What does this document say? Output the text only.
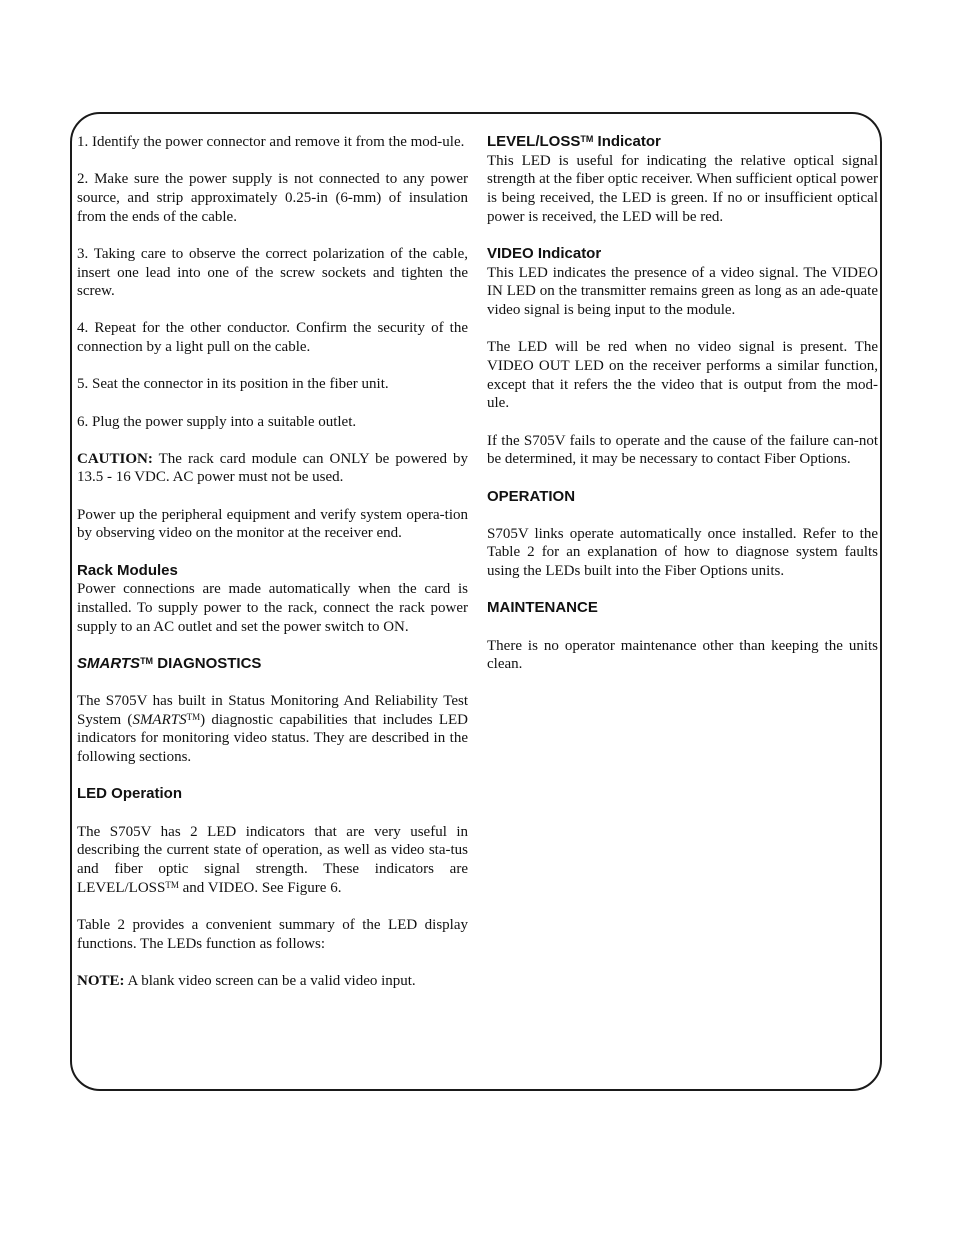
1. Identify the power connector and remove it from the mod-ule.

2. Make sure the power supply is not connected to any power source, and strip approximately 0.25-in (6-mm) of insulation from the ends of the cable.

3. Taking care to observe the correct polarization of the cable, insert one lead into one of the screw sockets and tighten the screw.

4. Repeat for the other conductor. Confirm the security of the connection by a light pull on the cable.

5. Seat the connector in its position in the fiber unit.

6. Plug the power supply into a suitable outlet.

CAUTION: The rack card module can ONLY be powered by 13.5 - 16 VDC. AC power must not be used.

Power up the peripheral equipment and verify system opera-tion by observing video on the monitor at the receiver end.

Rack Modules

Power connections are made automatically when the card is installed. To supply power to the rack, connect the rack power supply to an AC outlet and set the power switch to ON.

SMARTS™ DIAGNOSTICS

The S705V has built in Status Monitoring And Reliability Test System (SMARTS™) diagnostic capabilities that includes LED indicators for monitoring video status. They are described in the following sections.

LED Operation

The S705V has 2 LED indicators that are very useful in describing the current state of operation, as well as video sta-tus and fiber optic signal strength. These indicators are LEVEL/LOSS™ and VIDEO. See Figure 6.

Table 2 provides a convenient summary of the LED display functions. The LEDs function as follows:

NOTE: A blank video screen can be a valid video input.

LEVEL/LOSS™ Indicator

This LED is useful for indicating the relative optical signal strength at the fiber optic receiver. When sufficient optical power is being received, the LED is green. If no or insufficient optical power is received, the LED will be red.

VIDEO Indicator

This LED indicates the presence of a video signal. The VIDEO IN LED on the transmitter remains green as long as an ade-quate video signal is being input to the module.

The LED will be red when no video signal is present. The VIDEO OUT LED on the receiver performs a similar function, except that it refers the the video that is output from the mod-ule.

If the S705V fails to operate and the cause of the failure can-not be determined, it may be necessary to contact Fiber Options.

OPERATION

S705V links operate automatically once installed. Refer to the Table 2 for an explanation of how to diagnose system faults using the LEDs built into the Fiber Options units.

MAINTENANCE

There is no operator maintenance other than keeping the units clean.
